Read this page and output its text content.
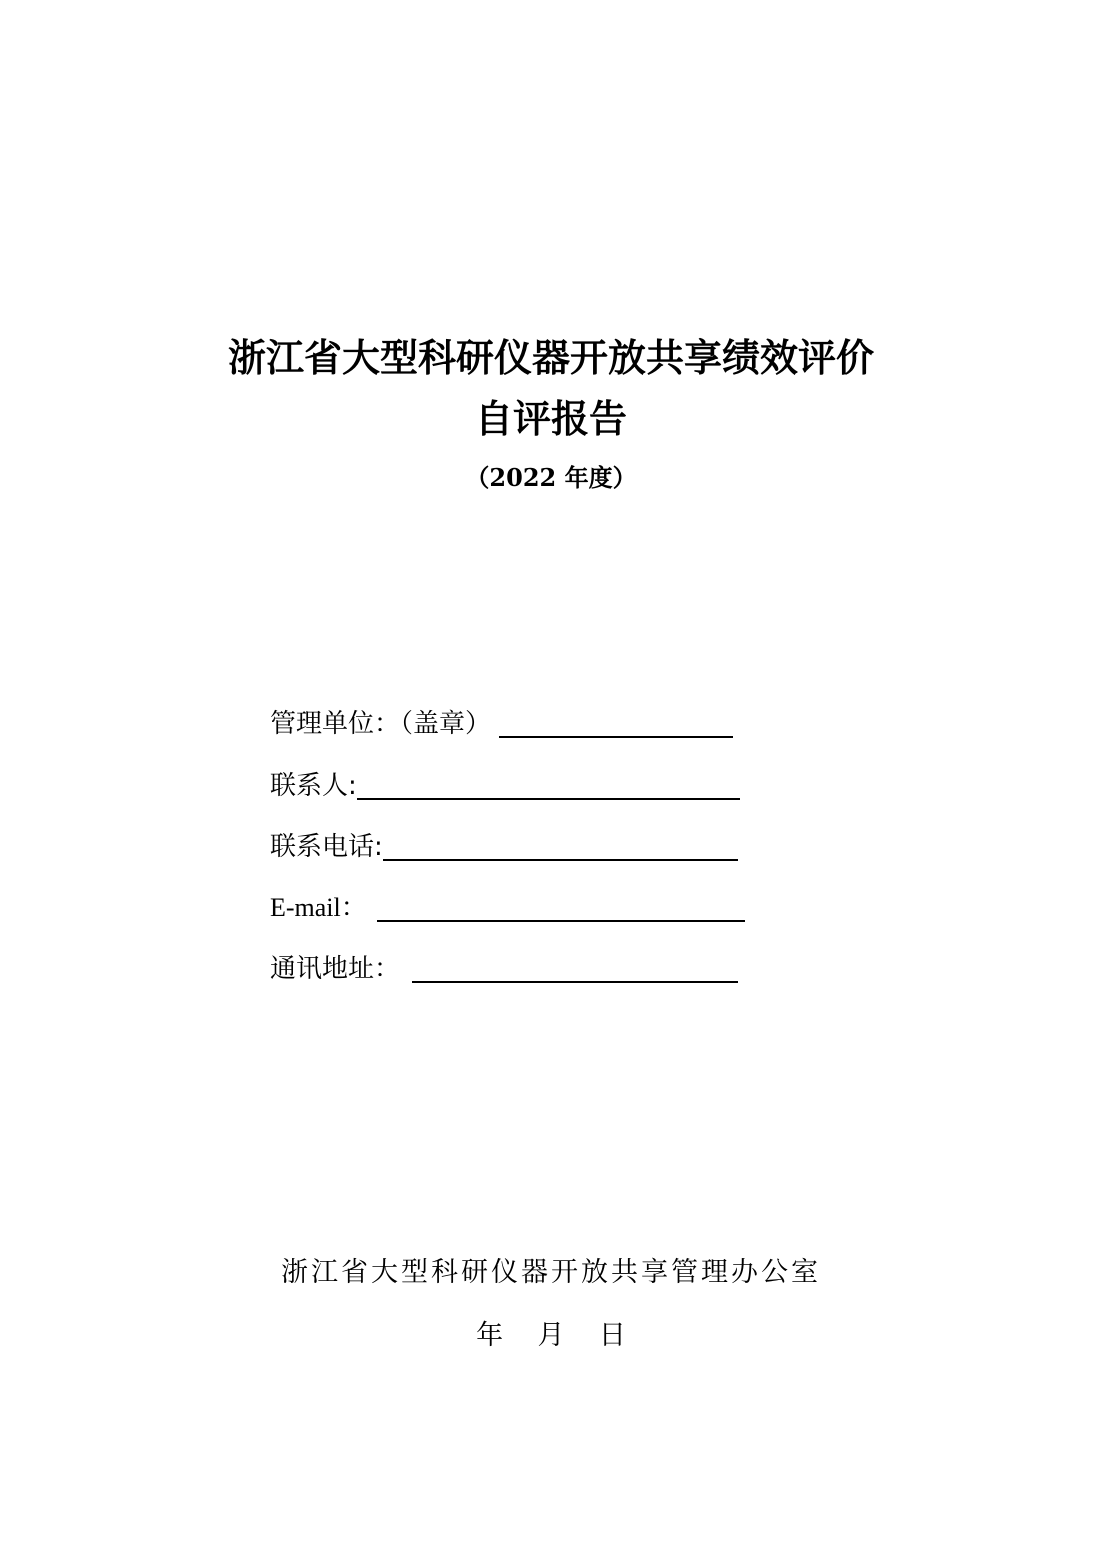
浙江省大型科研仪器开放共享绩效评价
自评报告
（2022 年度）
管理单位：（盖章）
联系人:
联系电话:
E-mail：
通讯地址：
浙江省大型科研仪器开放共享管理办公室
年    月    日
